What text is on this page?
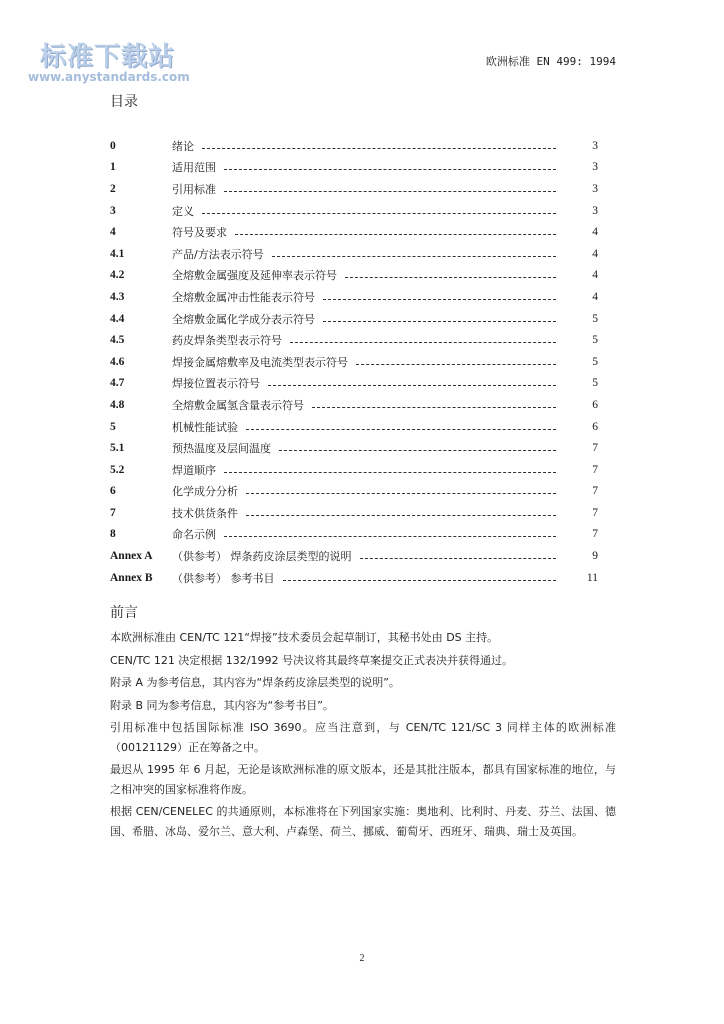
标准下载站
www.anystandards.com
欧洲标准 EN 499: 1994
目录
0	绪论	3
1	适用范围	3
2	引用标准	3
3	定义	3
4	符号及要求	4
4.1	产品/方法表示符号	4
4.2	全熔敷金属强度及延伸率表示符号	4
4.3	全熔敷金属冲击性能表示符号	4
4.4	全熔敷金属化学成分表示符号	5
4.5	药皮焊条类型表示符号	5
4.6	焊接金属熔敷率及电流类型表示符号	5
4.7	焊接位置表示符号	5
4.8	全熔敷金属氢含量表示符号	6
5	机械性能试验	6
5.1	预热温度及层间温度	7
5.2	焊道顺序	7
6	化学成分分析	7
7	技术供货条件	7
8	命名示例	7
Annex A	（供参考） 焊条药皮涂层类型的说明	9
Annex B	（供参考） 参考书目	11
前言

本欧洲标准由 CEN/TC 121“焊接”技术委员会起草制订，其秘书处由 DS 主持。

CEN/TC 121 决定根据 132/1992 号决议将其最终草案提交正式表决并获得通过。

附录 A 为参考信息，其内容为“焊条药皮涂层类型的说明”。

附录 B 同为参考信息，其内容为“参考书目”。

引用标准中包括国际标准 ISO 3690。应当注意到，与 CEN/TC 121/SC 3 同样主体的欧洲标准（00121129）正在筹备之中。

最迟从 1995 年 6 月起，无论是该欧洲标准的原文版本，还是其批注版本，都具有国家标准的地位，与之相冲突的国家标准将作废。

根据 CEN/CENELEC 的共通原则，本标准将在下列国家实施：奥地利、比利时、丹麦、芬兰、法国、德国、希腊、冰岛、爱尔兰、意大利、卢森堡、荷兰、挪威、葡萄牙、西班牙、瑞典、瑞士及英国。

2
